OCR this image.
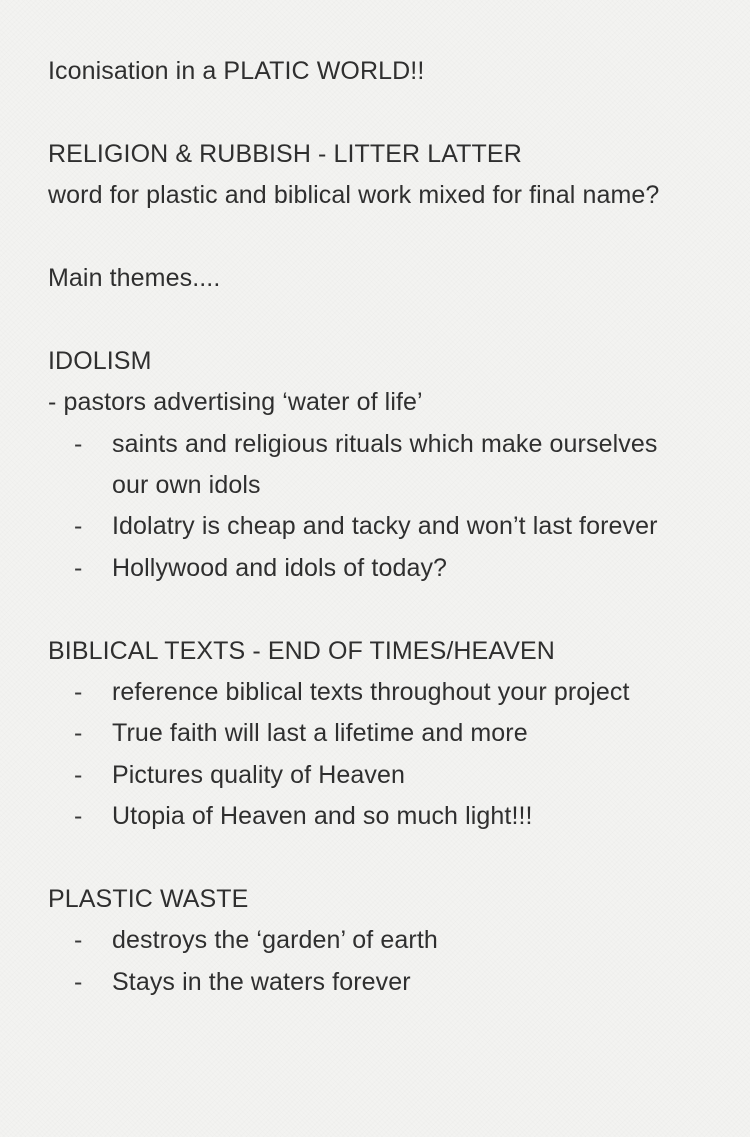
Iconisation in a PLATIC WORLD!!
RELIGION & RUBBISH - LITTER LATTER
word for plastic and biblical work mixed for final name?
Main themes....
IDOLISM
- pastors advertising ‘water of life’
-	saints and religious rituals which make ourselves our own idols
-	Idolatry is cheap and tacky and won’t last forever
-	Hollywood and idols of today?
BIBLICAL TEXTS - END OF TIMES/HEAVEN
-	reference biblical texts throughout your project
-	True faith will last a lifetime and more
-	Pictures quality of Heaven
-	Utopia of Heaven and so much light!!!
PLASTIC WASTE
-	destroys the ‘garden’ of earth
-	Stays in the waters forever
